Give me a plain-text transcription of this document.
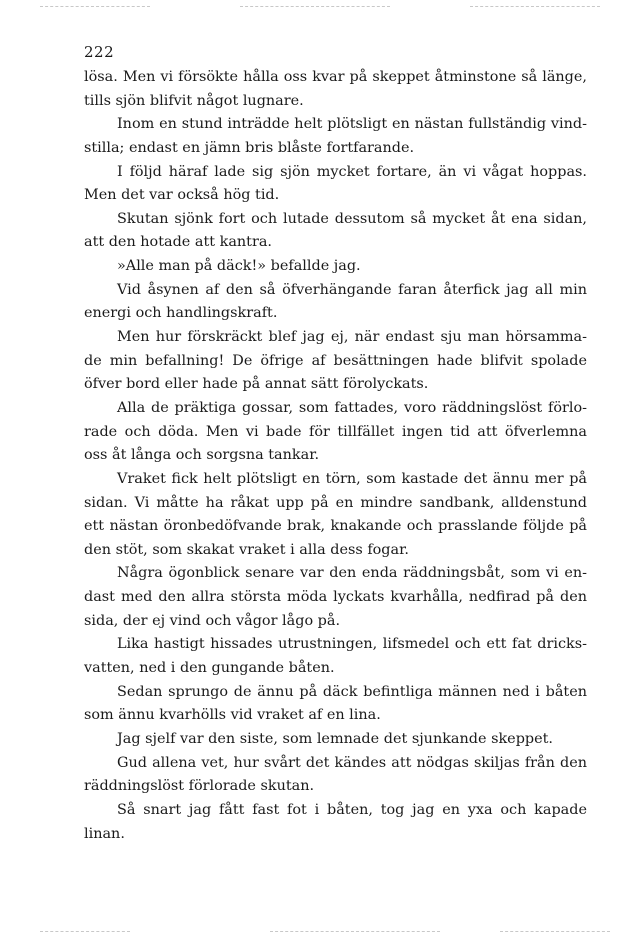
222
lösa. Men vi försökte hålla oss kvar på skeppet åtminstone så länge,
tills sjön blifvit något lugnare.
Inom en stund inträdde helt plötsligt en nästan fullständig vind-
stilla; endast en jämn bris blåste fortfarande.
I följd häraf lade sig sjön mycket fortare, än vi vågat hoppas.
Men det var också hög tid.
Skutan sjönk fort och lutade dessutom så mycket åt ena sidan,
att den hotade att kantra.
»Alle man på däck!» befallde jag.
Vid åsynen af den så öfverhängande faran återfick jag all min
energi och handlingskraft.
Men hur förskräckt blef jag ej, när endast sju man hörsamma-
de min befallning! De öfrige af besättningen hade blifvit spolade
öfver bord eller hade på annat sätt förolyckats.
Alla de präktiga gossar, som fattades, voro räddningslöst förlo-
rade och döda. Men vi bade för tillfället ingen tid att öfverlemna
oss åt långa och sorgsna tankar.
Vraket fick helt plötsligt en törn, som kastade det ännu mer på
sidan. Vi måtte ha råkat upp på en mindre sandbank, alldenstund
ett nästan öronbedöfvande brak, knakande och prasslande följde på
den stöt, som skakat vraket i alla dess fogar.
Några ögonblick senare var den enda räddningsbåt, som vi en-
dast med den allra största möda lyckats kvarhålla, nedfirad på den
sida, der ej vind och vågor lågo på.
Lika hastigt hissades utrustningen, lifsmedel och ett fat dricks-
vatten, ned i den gungande båten.
Sedan sprungo de ännu på däck befintliga männen ned i båten
som ännu kvarhölls vid vraket af en lina.
Jag sjelf var den siste, som lemnade det sjunkande skeppet.
Gud allena vet, hur svårt det kändes att nödgas skiljas från den
räddningslöst förlorade skutan.
Så snart jag fått fast fot i båten, tog jag en yxa och kapade
linan.
